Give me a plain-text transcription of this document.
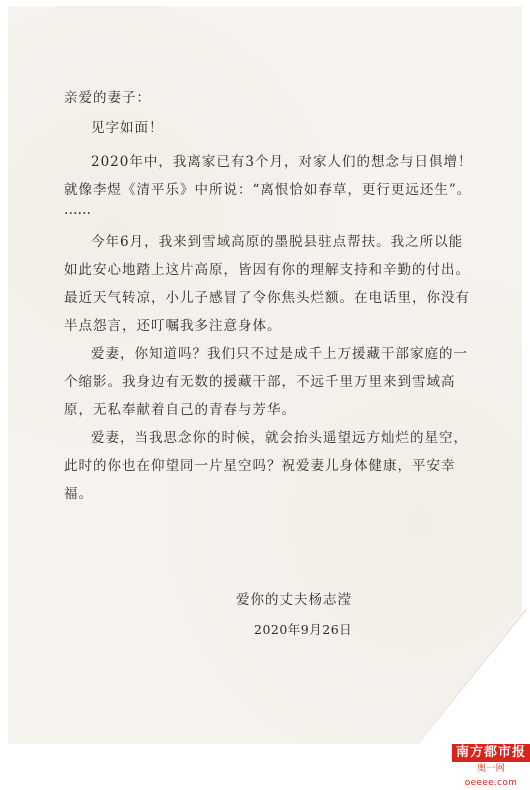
亲爱的妻子：

见字如面！

2020年中，我离家已有3个月，对家人们的想念与日俱增！就像李煜《清平乐》中所说：“离恨恰如春草，更行更远还生”。

……

今年6月，我来到雪域高原的墨脱县驻点帮扶。我之所以能如此安心地踏上这片高原，皆因有你的理解支持和辛勤的付出。最近天气转凉，小儿子感冒了令你焦头烂额。在电话里，你没有半点怨言，还叮嘱我多注意身体。

爱妻，你知道吗？我们只不过是成千上万援藏干部家庭的一个缩影。我身边有无数的援藏干部，不远千里万里来到雪域高原，无私奉献着自己的青春与芳华。

爱妻，当我思念你的时候，就会抬头遥望远方灿烂的星空，此时的你也在仰望同一片星空吗？祝爱妻儿身体健康，平安幸福。

爱你的丈夫杨志滢
2020年9月26日
南方都市报
奥一网oeeee.com
